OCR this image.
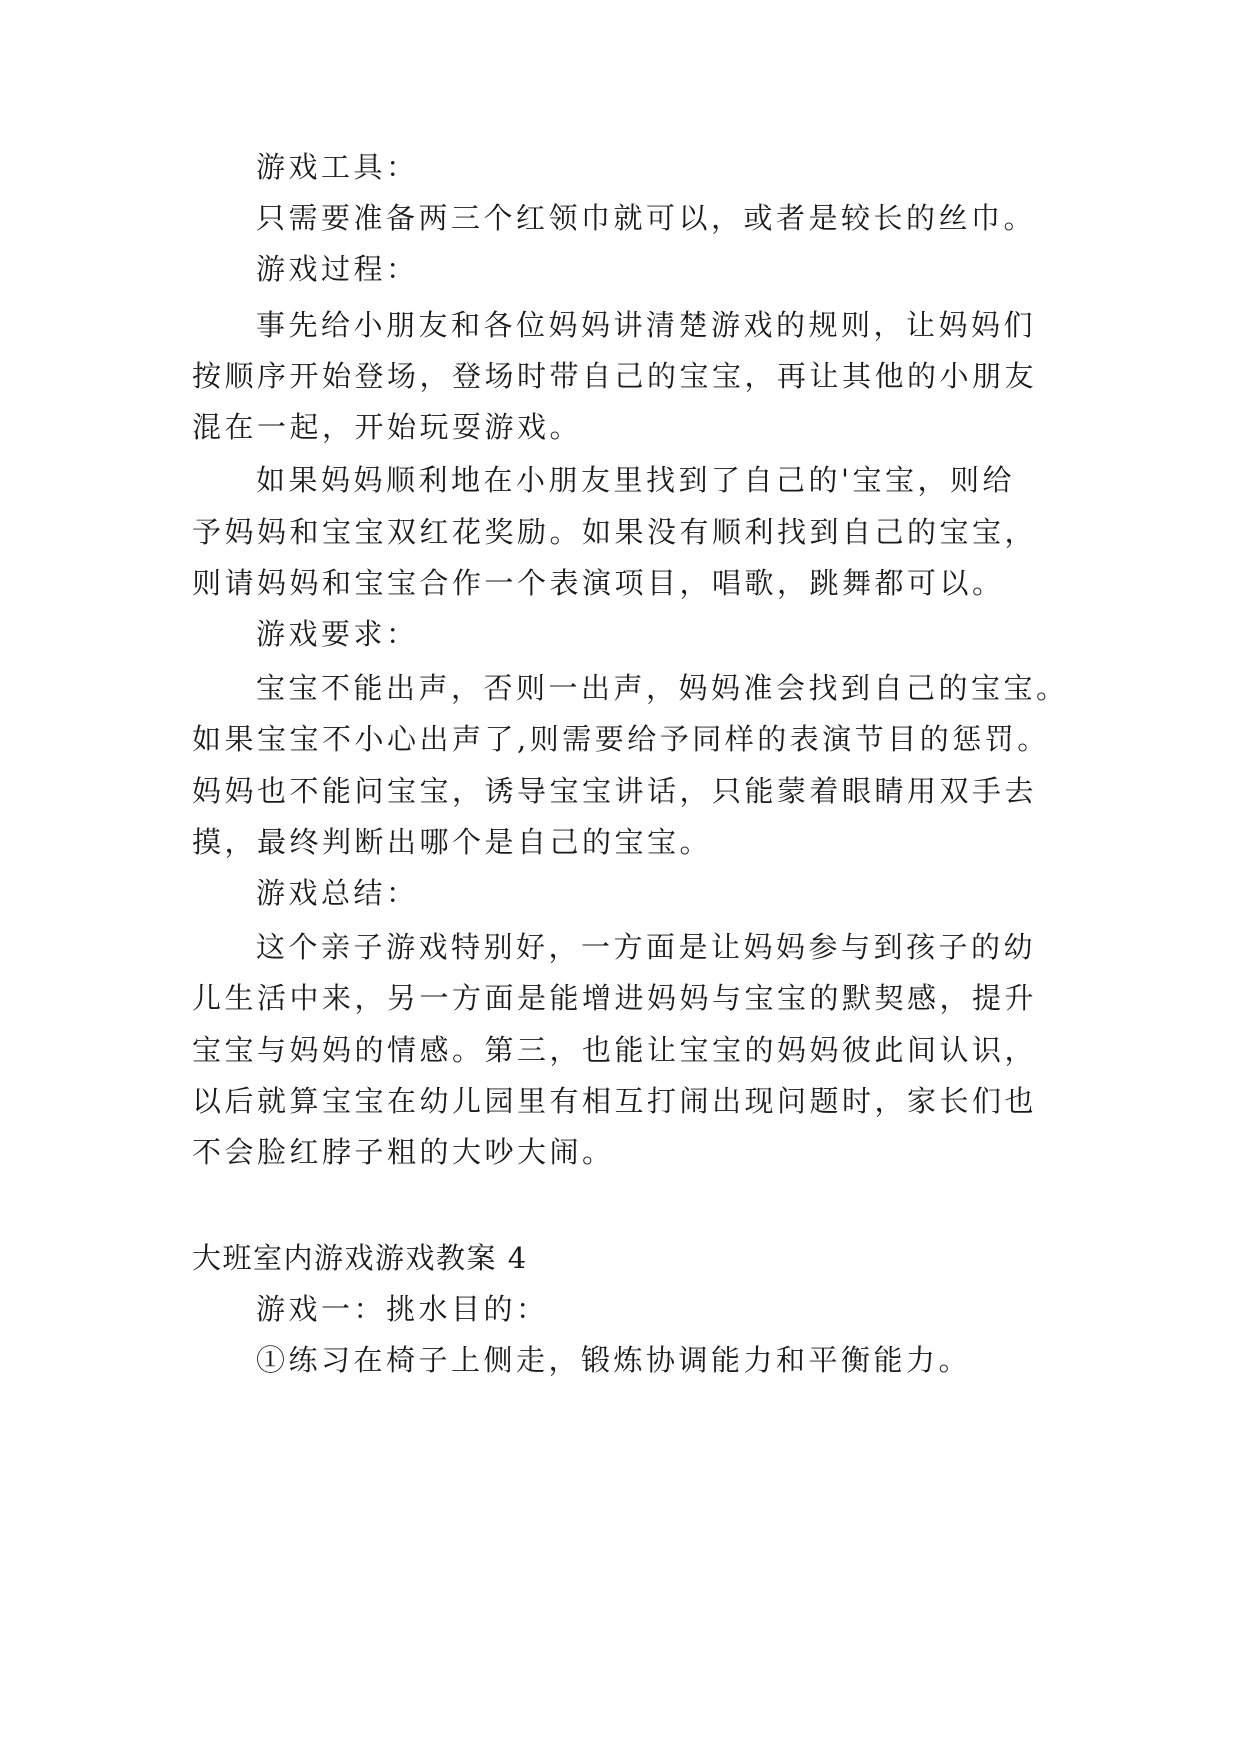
游戏工具：
只需要准备两三个红领巾就可以，或者是较长的丝巾。
游戏过程：
事先给小朋友和各位妈妈讲清楚游戏的规则，让妈妈们
按顺序开始登场，登场时带自己的宝宝，再让其他的小朋友
混在一起，开始玩耍游戏。
如果妈妈顺利地在小朋友里找到了自己的'宝宝，则给
予妈妈和宝宝双红花奖励。如果没有顺利找到自己的宝宝，
则请妈妈和宝宝合作一个表演项目，唱歌，跳舞都可以。
游戏要求：
宝宝不能出声，否则一出声，妈妈准会找到自己的宝宝。
如果宝宝不小心出声了,则需要给予同样的表演节目的惩罚。
妈妈也不能问宝宝，诱导宝宝讲话，只能蒙着眼睛用双手去
摸，最终判断出哪个是自己的宝宝。
游戏总结：
这个亲子游戏特别好，一方面是让妈妈参与到孩子的幼
儿生活中来，另一方面是能增进妈妈与宝宝的默契感，提升
宝宝与妈妈的情感。第三，也能让宝宝的妈妈彼此间认识，
以后就算宝宝在幼儿园里有相互打闹出现问题时，家长们也
不会脸红脖子粗的大吵大闹。
大班室内游戏游戏教案 4
游戏一：挑水目的：
①练习在椅子上侧走，锻炼协调能力和平衡能力。
